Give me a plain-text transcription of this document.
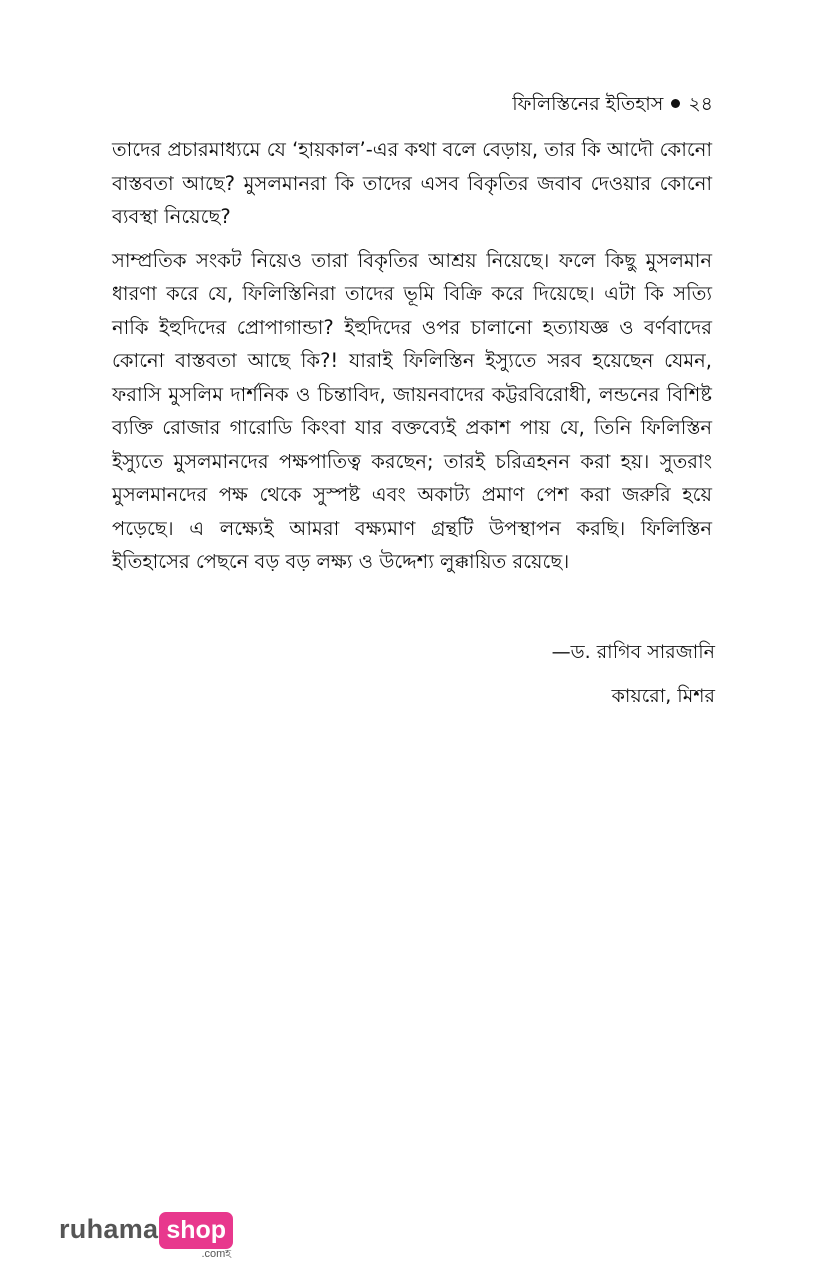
ফিলিস্তিনের ইতিহাস ২৪

তাদের প্রচারমাধ্যমে যে ‘হায়কাল’-এর কথা বলে বেড়ায়, তার কি আদৌ কোনো বাস্তবতা আছে? মুসলমানরা কি তাদের এসব বিকৃতির জবাব দেওয়ার কোনো ব্যবস্থা নিয়েছে?

সাম্প্রতিক সংকট নিয়েও তারা বিকৃতির আশ্রয় নিয়েছে। ফলে কিছু মুসলমান ধারণা করে যে, ফিলিস্তিনিরা তাদের ভূমি বিক্রি করে দিয়েছে। এটা কি সত্যি নাকি ইহুদিদের প্রোপাগান্ডা? ইহুদিদের ওপর চালানো হত্যাযজ্ঞ ও বর্ণবাদের কোনো বাস্তবতা আছে কি?! যারাই ফিলিস্তিন ইস্যুতে সরব হয়েছেন যেমন, ফরাসি মুসলিম দার্শনিক ও চিন্তাবিদ, জায়নবাদের কট্টরবিরোধী, লন্ডনের বিশিষ্ট ব্যক্তি রোজার গারোডি কিংবা যার বক্তব্যেই প্রকাশ পায় যে, তিনি ফিলিস্তিন ইস্যুতে মুসলমানদের পক্ষপাতিত্ব করছেন; তারই চরিত্রহনন করা হয়। সুতরাং মুসলমানদের পক্ষ থেকে সুস্পষ্ট এবং অকাট্য প্রমাণ পেশ করা জরুরি হয়ে পড়েছে। এ লক্ষ্যেই আমরা বক্ষ্যমাণ গ্রন্থটি উপস্থাপন করছি। ফিলিস্তিন ইতিহাসের পেছনে বড় বড় লক্ষ্য ও উদ্দেশ্য লুক্কায়িত রয়েছে।

—ড. রাগিব সারজানি
কায়রো, মিশর
ruhama shop
.comহ
